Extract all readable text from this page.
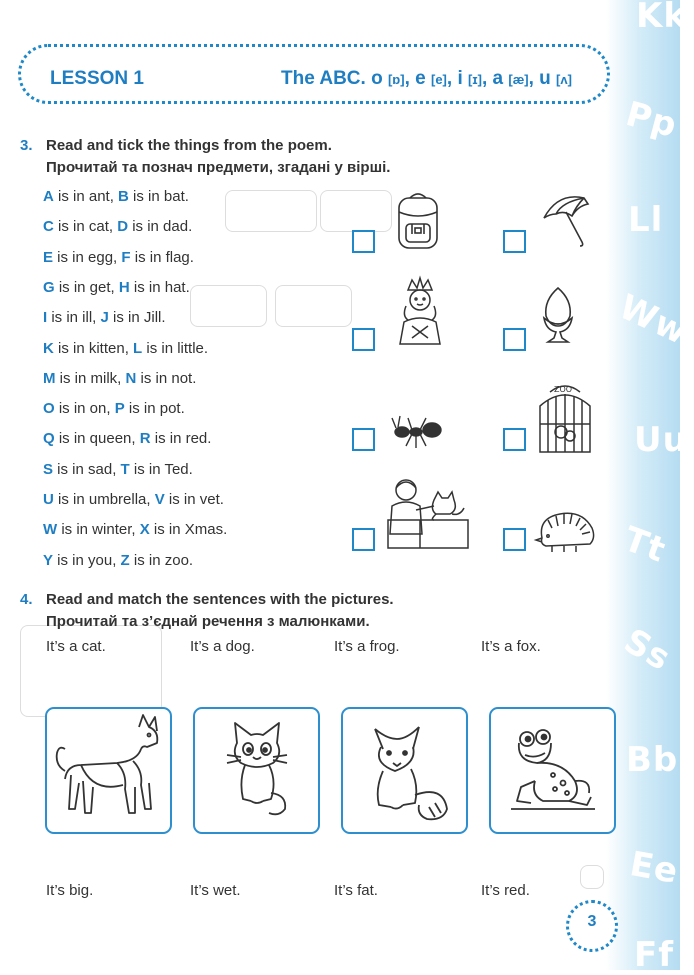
Kk
Pp
Ll
Ww
Uu
Tt
Ss
Bb
Ee
Ff
LESSON 1	The ABC. o [ɒ], e [e], i [ɪ], a [æ], u [ʌ]
3. Read and tick the things from the poem.
Прочитай та познач предмети, згадані у вірші.
A is in ant, B is in bat.
C is in cat, D is in dad.
E is in egg, F is in flag.
G is in get, H is in hat.
I is in ill, J is in Jill.
K is in kitten, L is in little.
M is in milk, N is in not.
O is in on, P is in pot.
Q is in queen, R is in red.
S is in sad, T is in Ted.
U is in umbrella, V is in vet.
W is in winter, X is in Xmas.
Y is in you, Z is in zoo.
ZOO
4. Read and match the sentences with the pictures.
Прочитай та з’єднай речення з малюнками.
It’s a cat.	It’s a dog.	It’s a frog.	It’s a fox.
It’s big.	It’s wet.	It’s fat.	It’s red.
3
